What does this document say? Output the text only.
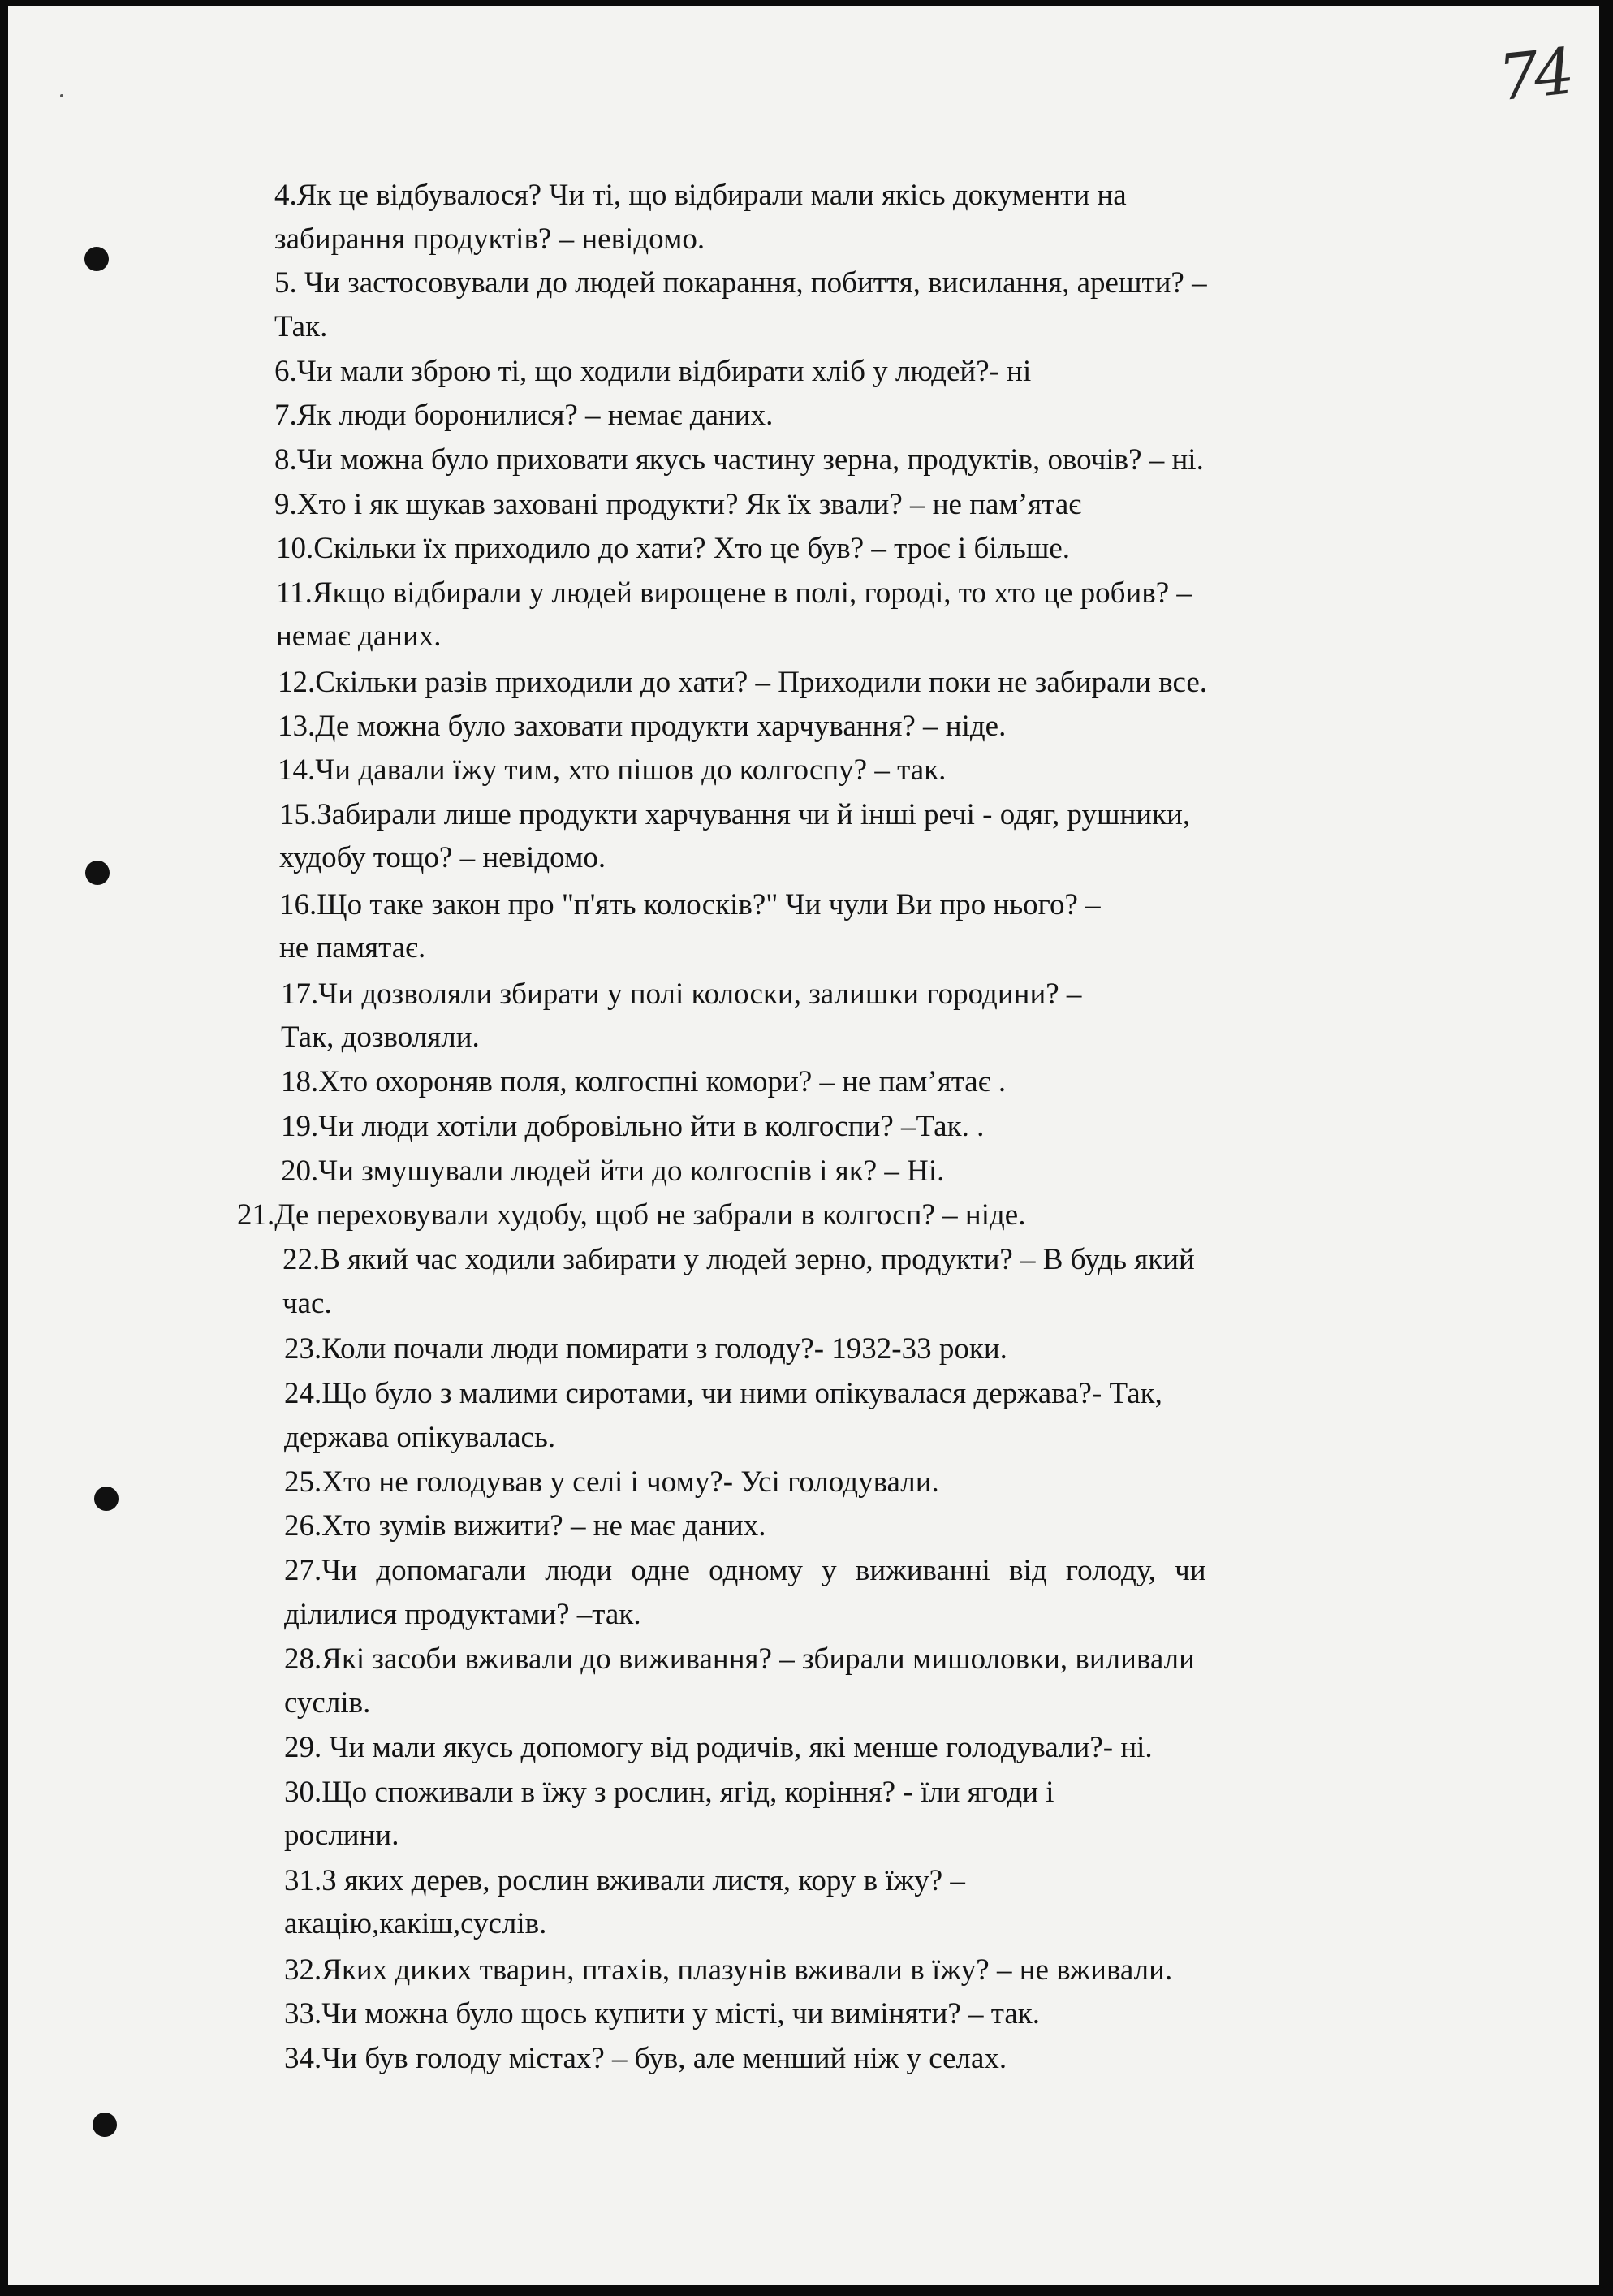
74
4.Як це відбувалося? Чи ті, що відбирали мали якісь документи на
забирання продуктів? – невідомо.
5. Чи застосовували до людей покарання, побиття, висилання, арешти? –
Так.
6.Чи мали зброю ті, що ходили відбирати хліб у людей?- ні
7.Як люди боронилися? – немає даних.
8.Чи можна було приховати якусь частину зерна, продуктів, овочів? – ні.
9.Хто і як шукав заховані продукти? Як їх звали? – не пам’ятає
10.Скільки їх приходило до хати? Хто це був? – троє і більше.
11.Якщо відбирали у людей вирощене в полі, городі, то хто це робив? –
немає даних.
12.Скільки разів приходили до хати? – Приходили поки не забирали все.
13.Де можна було заховати продукти харчування? – ніде.
14.Чи давали їжу тим, хто пішов до колгоспу? – так.
15.Забирали лише продукти харчування чи й інші речі - одяг, рушники,
худобу тощо? – невідомо.
16.Що таке закон про "п'ять колосків?" Чи чули Ви про нього? –
не памятає.
17.Чи дозволяли збирати у полі колоски, залишки городини? –
Так, дозволяли.
18.Хто охороняв поля, колгоспні комори? – не пам’ятає .
19.Чи люди хотіли добровільно йти в колгоспи? –Так. .
20.Чи змушували людей йти до колгоспів і як? – Ні.
21.Де переховували худобу, щоб не забрали в колгосп? – ніде.
22.В який час ходили забирати у людей зерно, продукти? – В будь який
час.
23.Коли почали люди помирати з голоду?- 1932-33 роки.
24.Що було з малими сиротами, чи ними опікувалася держава?- Так,
держава опікувалась.
25.Хто не голодував у селі і чому?- Усі голодували.
26.Хто зумів вижити? – не має даних.
27.Чи допомагали люди одне одному у виживанні від голоду, чи
ділилися продуктами? –так.
28.Які засоби вживали до виживання? – збирали мишоловки, виливали
суслів.
29. Чи мали якусь допомогу від родичів, які менше голодували?- ні.
30.Що споживали в їжу з рослин, ягід, коріння? - їли ягоди і
рослини.
31.З яких дерев, рослин вживали листя, кору в їжу? –
акацію,какіш,суслів.
32.Яких диких тварин, птахів, плазунів вживали в їжу? – не вживали.
33.Чи можна було щось купити у місті, чи виміняти? – так.
34.Чи був голоду містах? – був, але менший ніж у селах.
